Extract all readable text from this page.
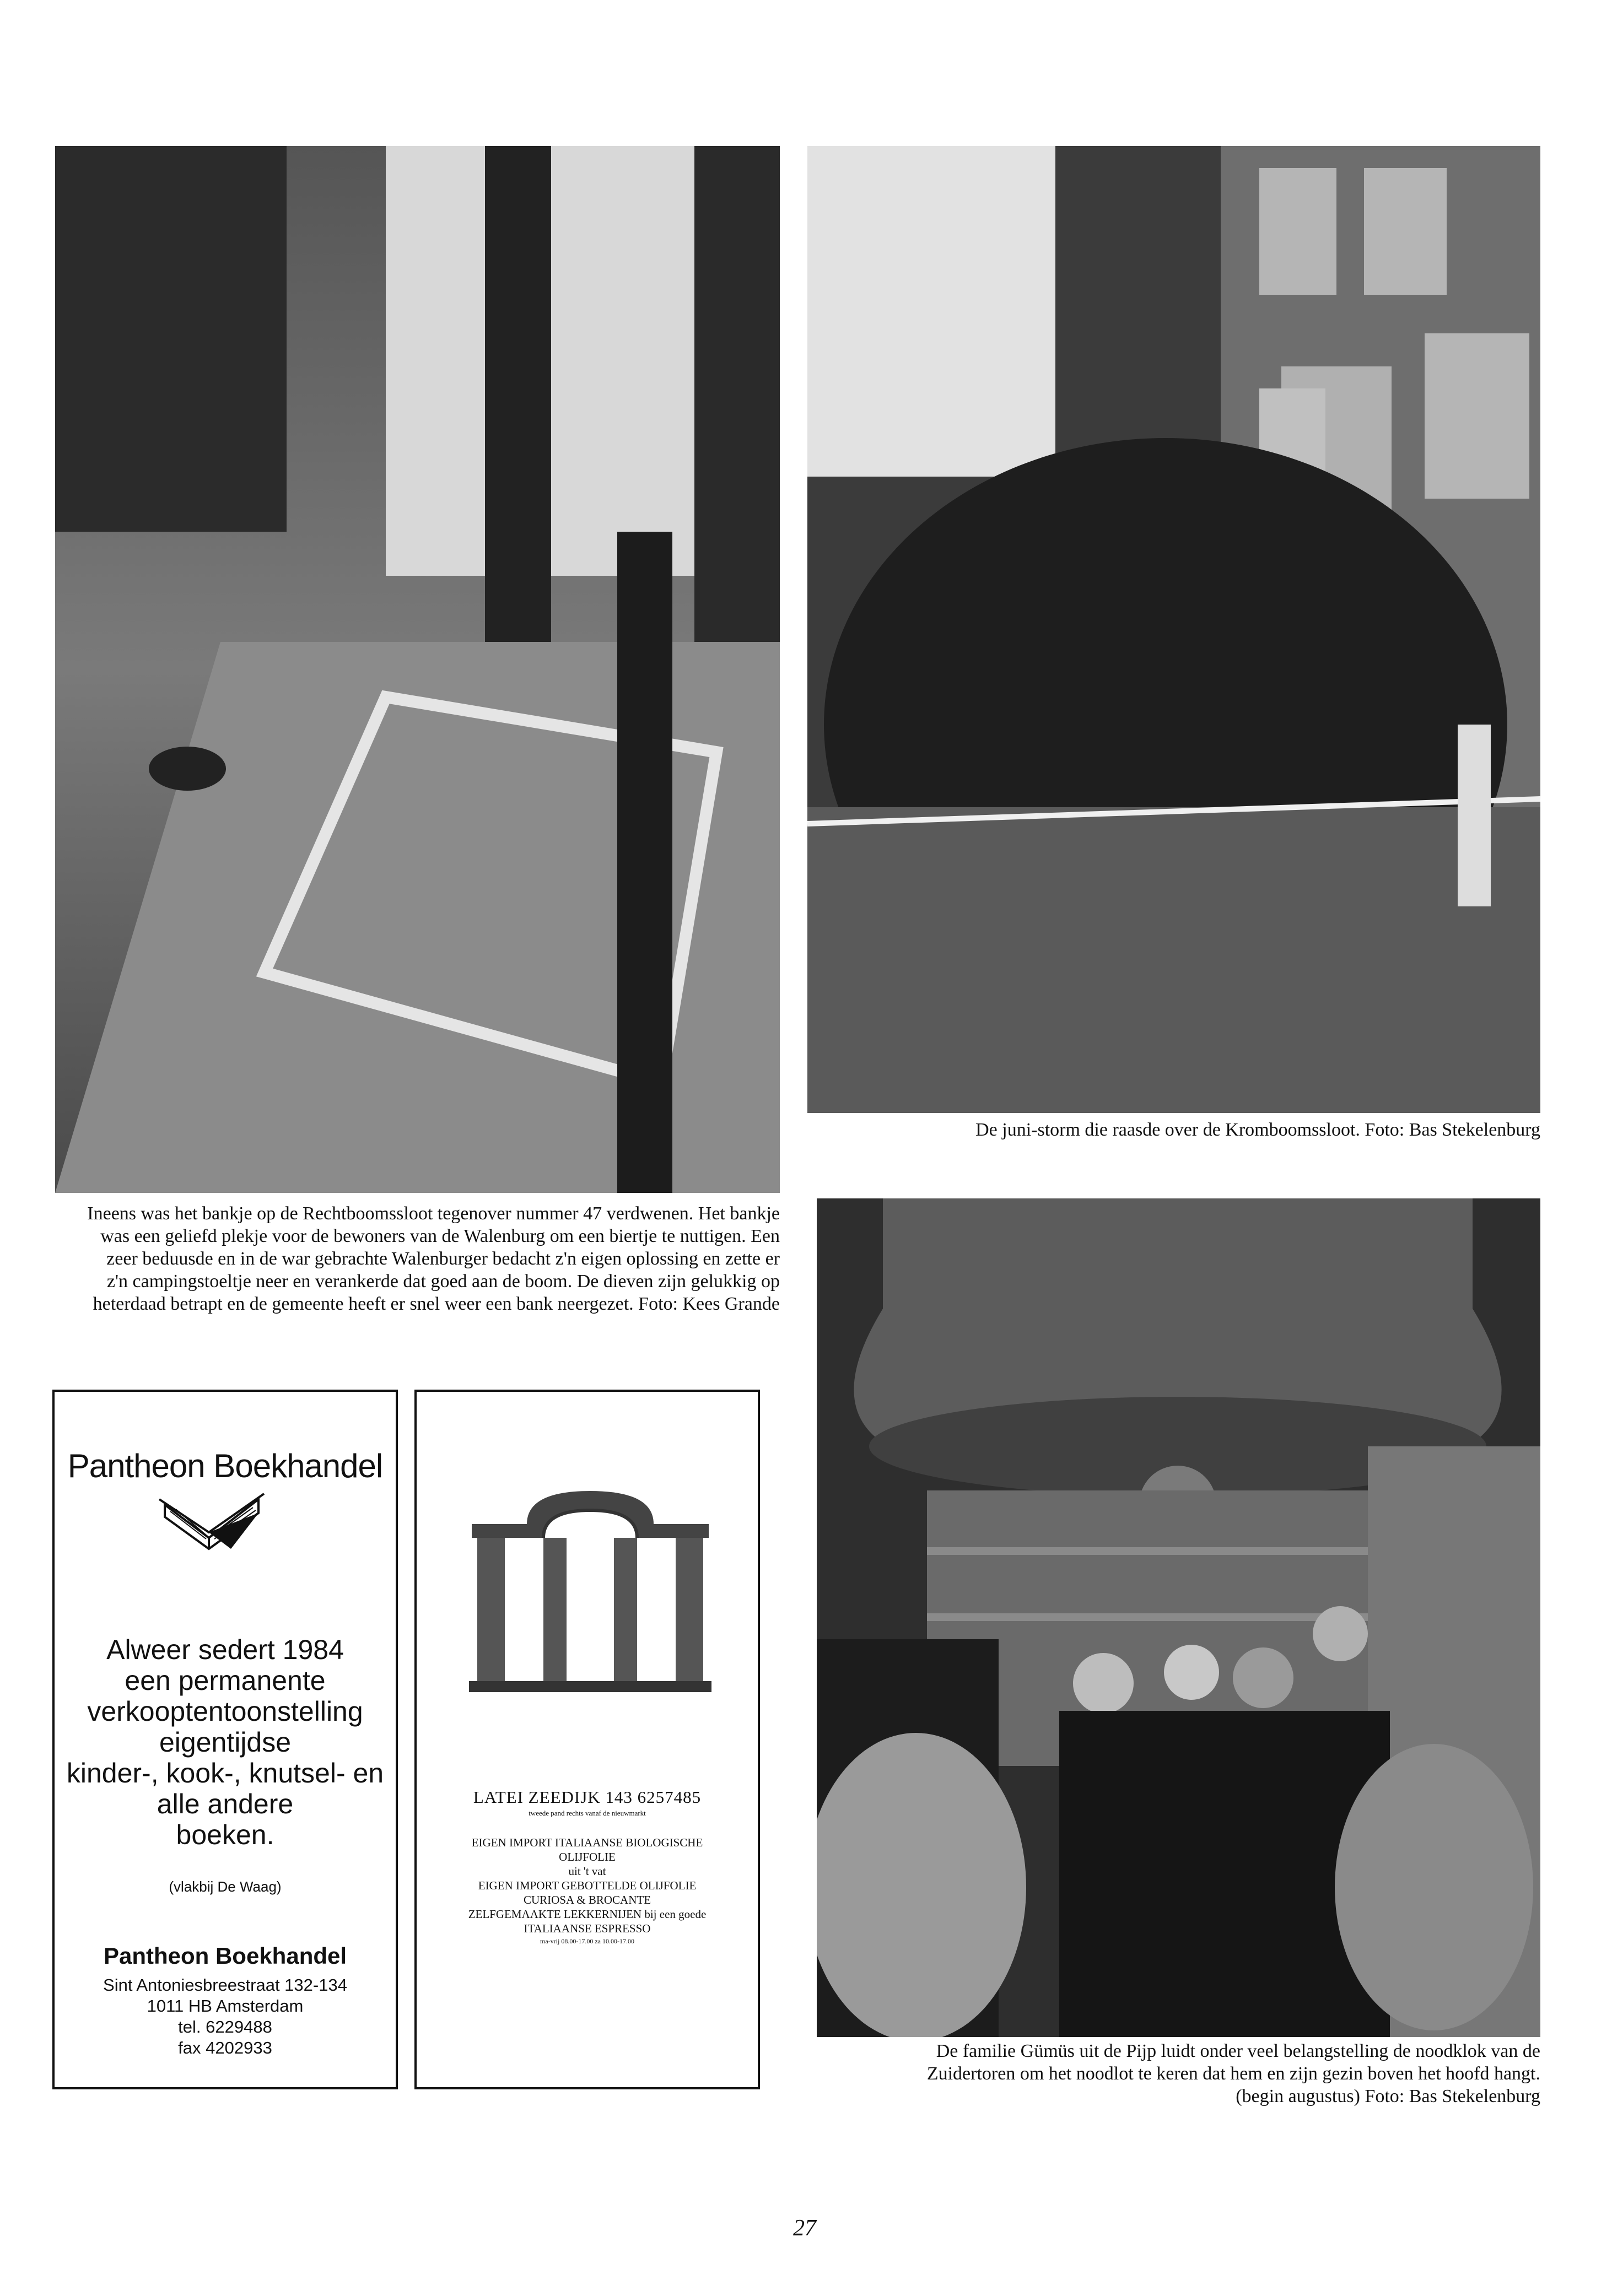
De juni-storm die raasde over de Kromboomssloot. Foto: Bas Stekelenburg
Ineens was het bankje op de Rechtboomssloot tegenover nummer 47 verdwenen. Het bankje
was een geliefd plekje voor de bewoners van de Walenburg om een biertje te nuttigen. Een
zeer beduusde en in de war gebrachte Walenburger bedacht z'n eigen oplossing en zette er
z'n campingstoeltje neer en verankerde dat goed aan de boom. De dieven zijn gelukkig op
heterdaad betrapt en de gemeente heeft er snel weer een bank neergezet. Foto: Kees Grande
De familie Gümüs uit de Pijp luidt onder veel belangstelling de noodklok van de
Zuidertoren om het noodlot te keren dat hem en zijn gezin boven het hoofd hangt.
(begin augustus) Foto: Bas Stekelenburg
Pantheon Boekhandel
Alweer sedert 1984
een permanente
verkooptentoonstelling
eigentijdse
kinder-, kook-, knutsel- en
alle andere
boeken.
(vlakbij De Waag)
Pantheon Boekhandel
Sint Antoniesbreestraat 132-134
1011 HB Amsterdam
tel. 6229488
fax 4202933
LATEI ZEEDIJK 143 6257485
tweede pand rechts vanaf de nieuwmarkt
EIGEN IMPORT ITALIAANSE BIOLOGISCHE
OLIJFOLIE
uit 't vat
EIGEN IMPORT GEBOTTELDE OLIJFOLIE
CURIOSA & BROCANTE
ZELFGEMAAKTE LEKKERNIJEN bij een goede
ITALIAANSE ESPRESSO
ma-vrij 08.00-17.00 za 10.00-17.00
27
